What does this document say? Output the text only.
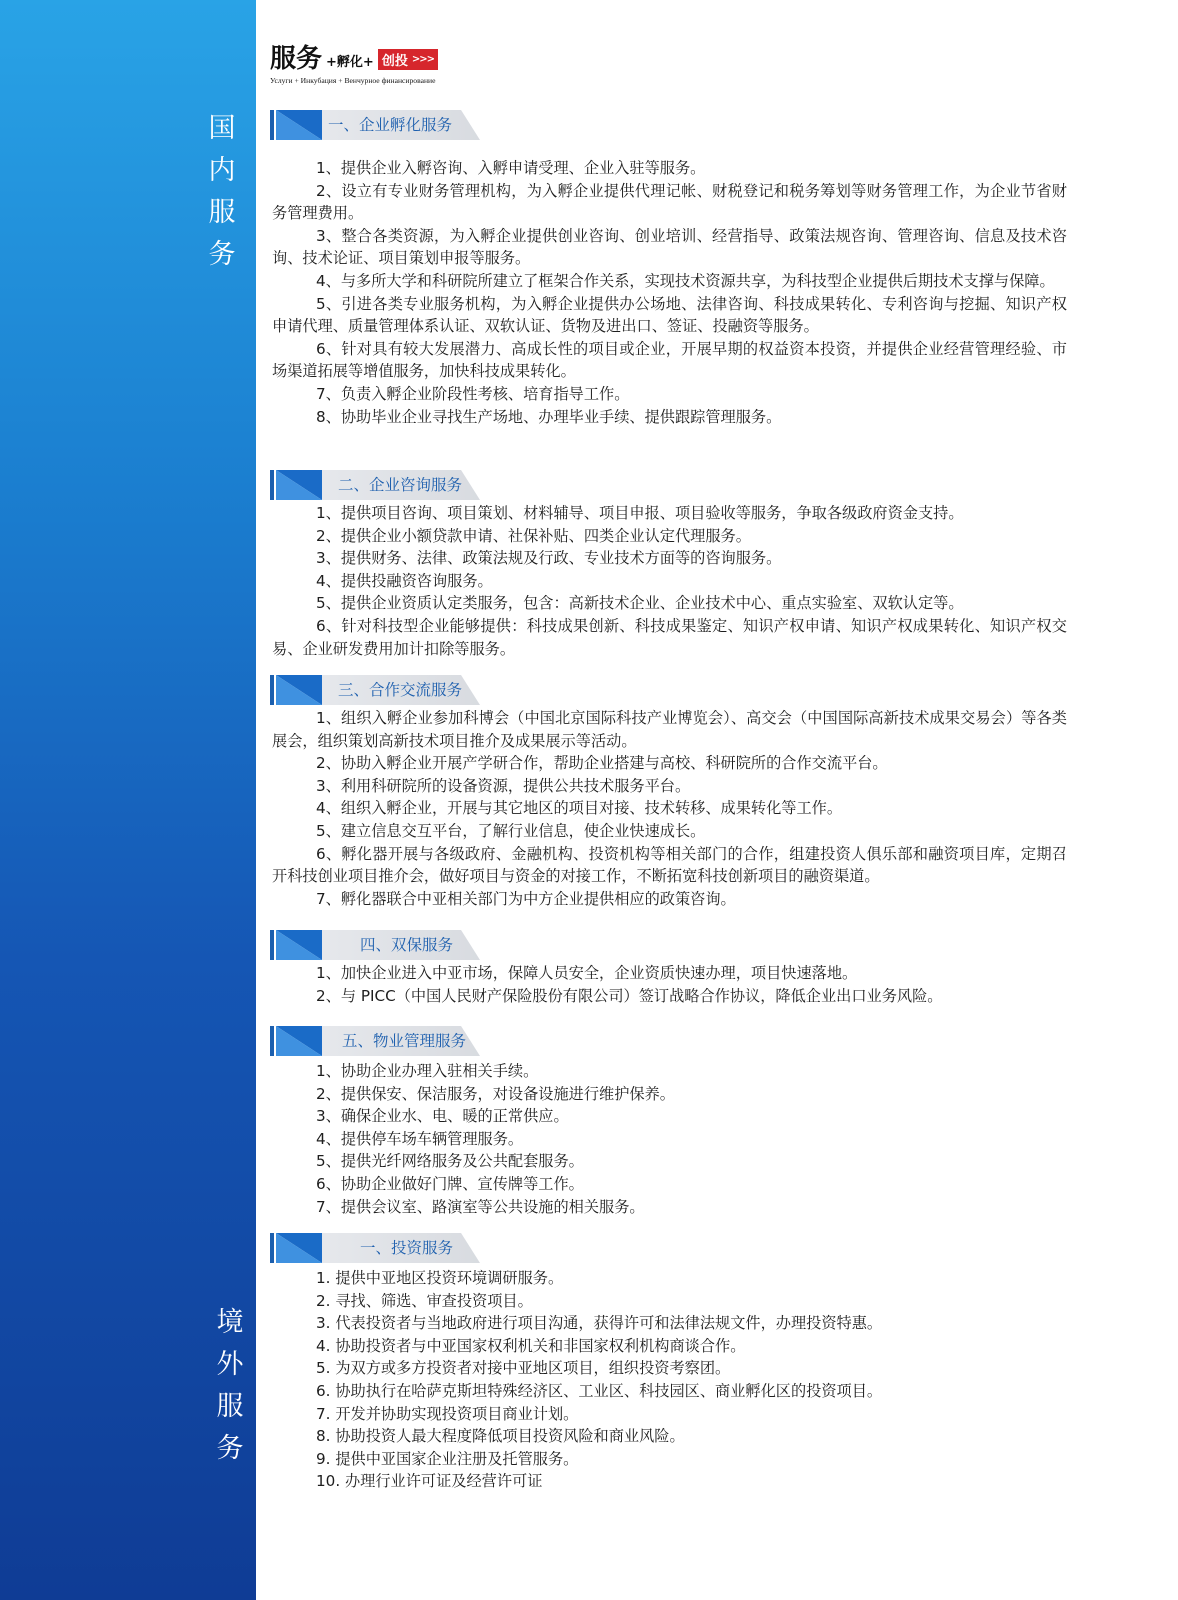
国
内
服
务
境
外
服
务
服务 +孵化+ 创投 >>>
Услуги + Инкубация + Венчурное финансирование
一、企业孵化服务

1、提供企业入孵咨询、入孵申请受理、企业入驻等服务。

2、设立有专业财务管理机构，为入孵企业提供代理记帐、财税登记和税务筹划等财务管理工作，为企业节省财务管理费用。

3、整合各类资源，为入孵企业提供创业咨询、创业培训、经营指导、政策法规咨询、管理咨询、信息及技术咨询、技术论证、项目策划申报等服务。

4、与多所大学和科研院所建立了框架合作关系，实现技术资源共享，为科技型企业提供后期技术支撑与保障。

5、引进各类专业服务机构，为入孵企业提供办公场地、法律咨询、科技成果转化、专利咨询与挖掘、知识产权申请代理、质量管理体系认证、双软认证、货物及进出口、签证、投融资等服务。

6、针对具有较大发展潜力、高成长性的项目或企业，开展早期的权益资本投资，并提供企业经营管理经验、市场渠道拓展等增值服务，加快科技成果转化。

7、负责入孵企业阶段性考核、培育指导工作。

8、协助毕业企业寻找生产场地、办理毕业手续、提供跟踪管理服务。

二、企业咨询服务

1、提供项目咨询、项目策划、材料辅导、项目申报、项目验收等服务，争取各级政府资金支持。

2、提供企业小额贷款申请、社保补贴、四类企业认定代理服务。

3、提供财务、法律、政策法规及行政、专业技术方面等的咨询服务。

4、提供投融资咨询服务。

5、提供企业资质认定类服务，包含：高新技术企业、企业技术中心、重点实验室、双软认定等。

6、针对科技型企业能够提供：科技成果创新、科技成果鉴定、知识产权申请、知识产权成果转化、知识产权交易、企业研发费用加计扣除等服务。

三、合作交流服务

1、组织入孵企业参加科博会（中国北京国际科技产业博览会）、高交会（中国国际高新技术成果交易会）等各类展会，组织策划高新技术项目推介及成果展示等活动。

2、协助入孵企业开展产学研合作，帮助企业搭建与高校、科研院所的合作交流平台。

3、利用科研院所的设备资源，提供公共技术服务平台。

4、组织入孵企业，开展与其它地区的项目对接、技术转移、成果转化等工作。

5、建立信息交互平台，了解行业信息，使企业快速成长。

6、孵化器开展与各级政府、金融机构、投资机构等相关部门的合作，组建投资人俱乐部和融资项目库，定期召开科技创业项目推介会，做好项目与资金的对接工作，不断拓宽科技创新项目的融资渠道。

7、孵化器联合中亚相关部门为中方企业提供相应的政策咨询。

四、双保服务

1、加快企业进入中亚市场，保障人员安全，企业资质快速办理，项目快速落地。

2、与 PICC（中国人民财产保险股份有限公司）签订战略合作协议，降低企业出口业务风险。

五、物业管理服务

1、协助企业办理入驻相关手续。

2、提供保安、保洁服务，对设备设施进行维护保养。

3、确保企业水、电、暖的正常供应。

4、提供停车场车辆管理服务。

5、提供光纤网络服务及公共配套服务。

6、协助企业做好门牌、宣传牌等工作。

7、提供会议室、路演室等公共设施的相关服务。

一、投资服务

1. 提供中亚地区投资环境调研服务。

2. 寻找、筛选、审查投资项目。

3. 代表投资者与当地政府进行项目沟通，获得许可和法律法规文件，办理投资特惠。

4. 协助投资者与中亚国家权利机关和非国家权利机构商谈合作。

5. 为双方或多方投资者对接中亚地区项目，组织投资考察团。

6. 协助执行在哈萨克斯坦特殊经济区、工业区、科技园区、商业孵化区的投资项目。

7. 开发并协助实现投资项目商业计划。

8. 协助投资人最大程度降低项目投资风险和商业风险。

9. 提供中亚国家企业注册及托管服务。

10. 办理行业许可证及经营许可证
